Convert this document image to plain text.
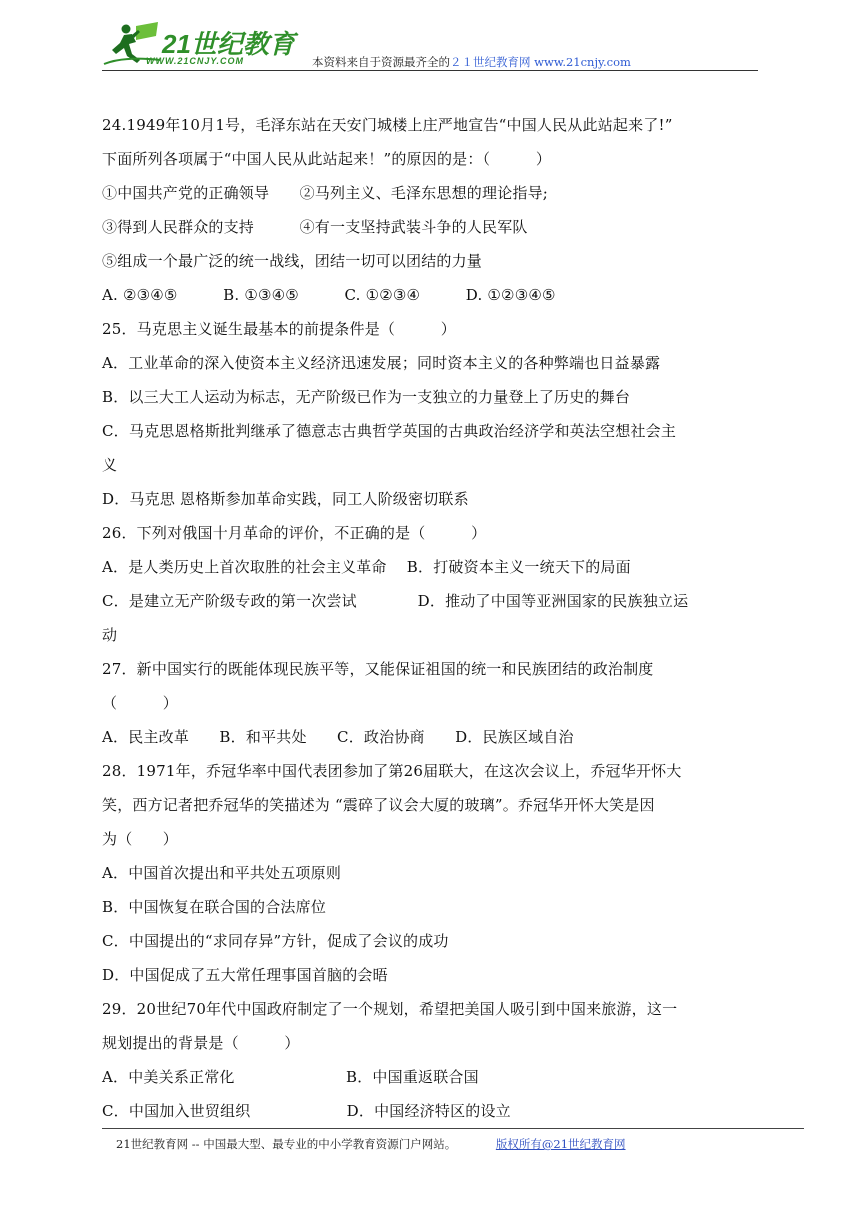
21世纪教育
WWW.21CNJY.COM	本资料来自于资源最齐全的２１世纪教育网 www.21cnjy.com
24.1949年10月1号，毛泽东站在天安门城楼上庄严地宣告“中国人民从此站起来了!”
下面所列各项属于“中国人民从此站起来！”的原因的是：（　　　）
①中国共产党的正确领导　　②马列主义、毛泽东思想的理论指导;
③得到人民群众的支持　　　④有一支坚持武装斗争的人民军队
⑤组成一个最广泛的统一战线，团结一切可以团结的力量
A. ②③④⑤　　　B. ①③④⑤　　　C. ①②③④　　　D. ①②③④⑤
25．马克思主义诞生最基本的前提条件是（　　　）
A．工业革命的深入使资本主义经济迅速发展；同时资本主义的各种弊端也日益暴露
B．以三大工人运动为标志，无产阶级已作为一支独立的力量登上了历史的舞台
C．马克思恩格斯批判继承了德意志古典哲学英国的古典政治经济学和英法空想社会主
义
D．马克思 恩格斯参加革命实践，同工人阶级密切联系
26．下列对俄国十月革命的评价，不正确的是（　　　）
A．是人类历史上首次取胜的社会主义革命　 B．打破资本主义一统天下的局面
C．是建立无产阶级专政的第一次尝试　　　　D．推动了中国等亚洲国家的民族独立运
动
27．新中国实行的既能体现民族平等，又能保证祖国的统一和民族团结的政治制度
（　　　）
A．民主改革　　B．和平共处　　C．政治协商　　D．民族区域自治
28．1971年，乔冠华率中国代表团参加了第26届联大，在这次会议上，乔冠华开怀大
笑，西方记者把乔冠华的笑描述为 “震碎了议会大厦的玻璃”。乔冠华开怀大笑是因
为（　　）
A．中国首次提出和平共处五项原则
B．中国恢复在联合国的合法席位
C．中国提出的“求同存异”方针，促成了会议的成功
D．中国促成了五大常任理事国首脑的会晤
29．20世纪70年代中国政府制定了一个规划，希望把美国人吸引到中国来旅游，这一
规划提出的背景是（　　　）
A．中美关系正常化　　　　　　　 B．中国重返联合国
C．中国加入世贸组织　　　　　　 D．中国经济特区的设立
21世纪教育网 -- 中国最大型、最专业的中小学教育资源门户网站。	版权所有@21世纪教育网
